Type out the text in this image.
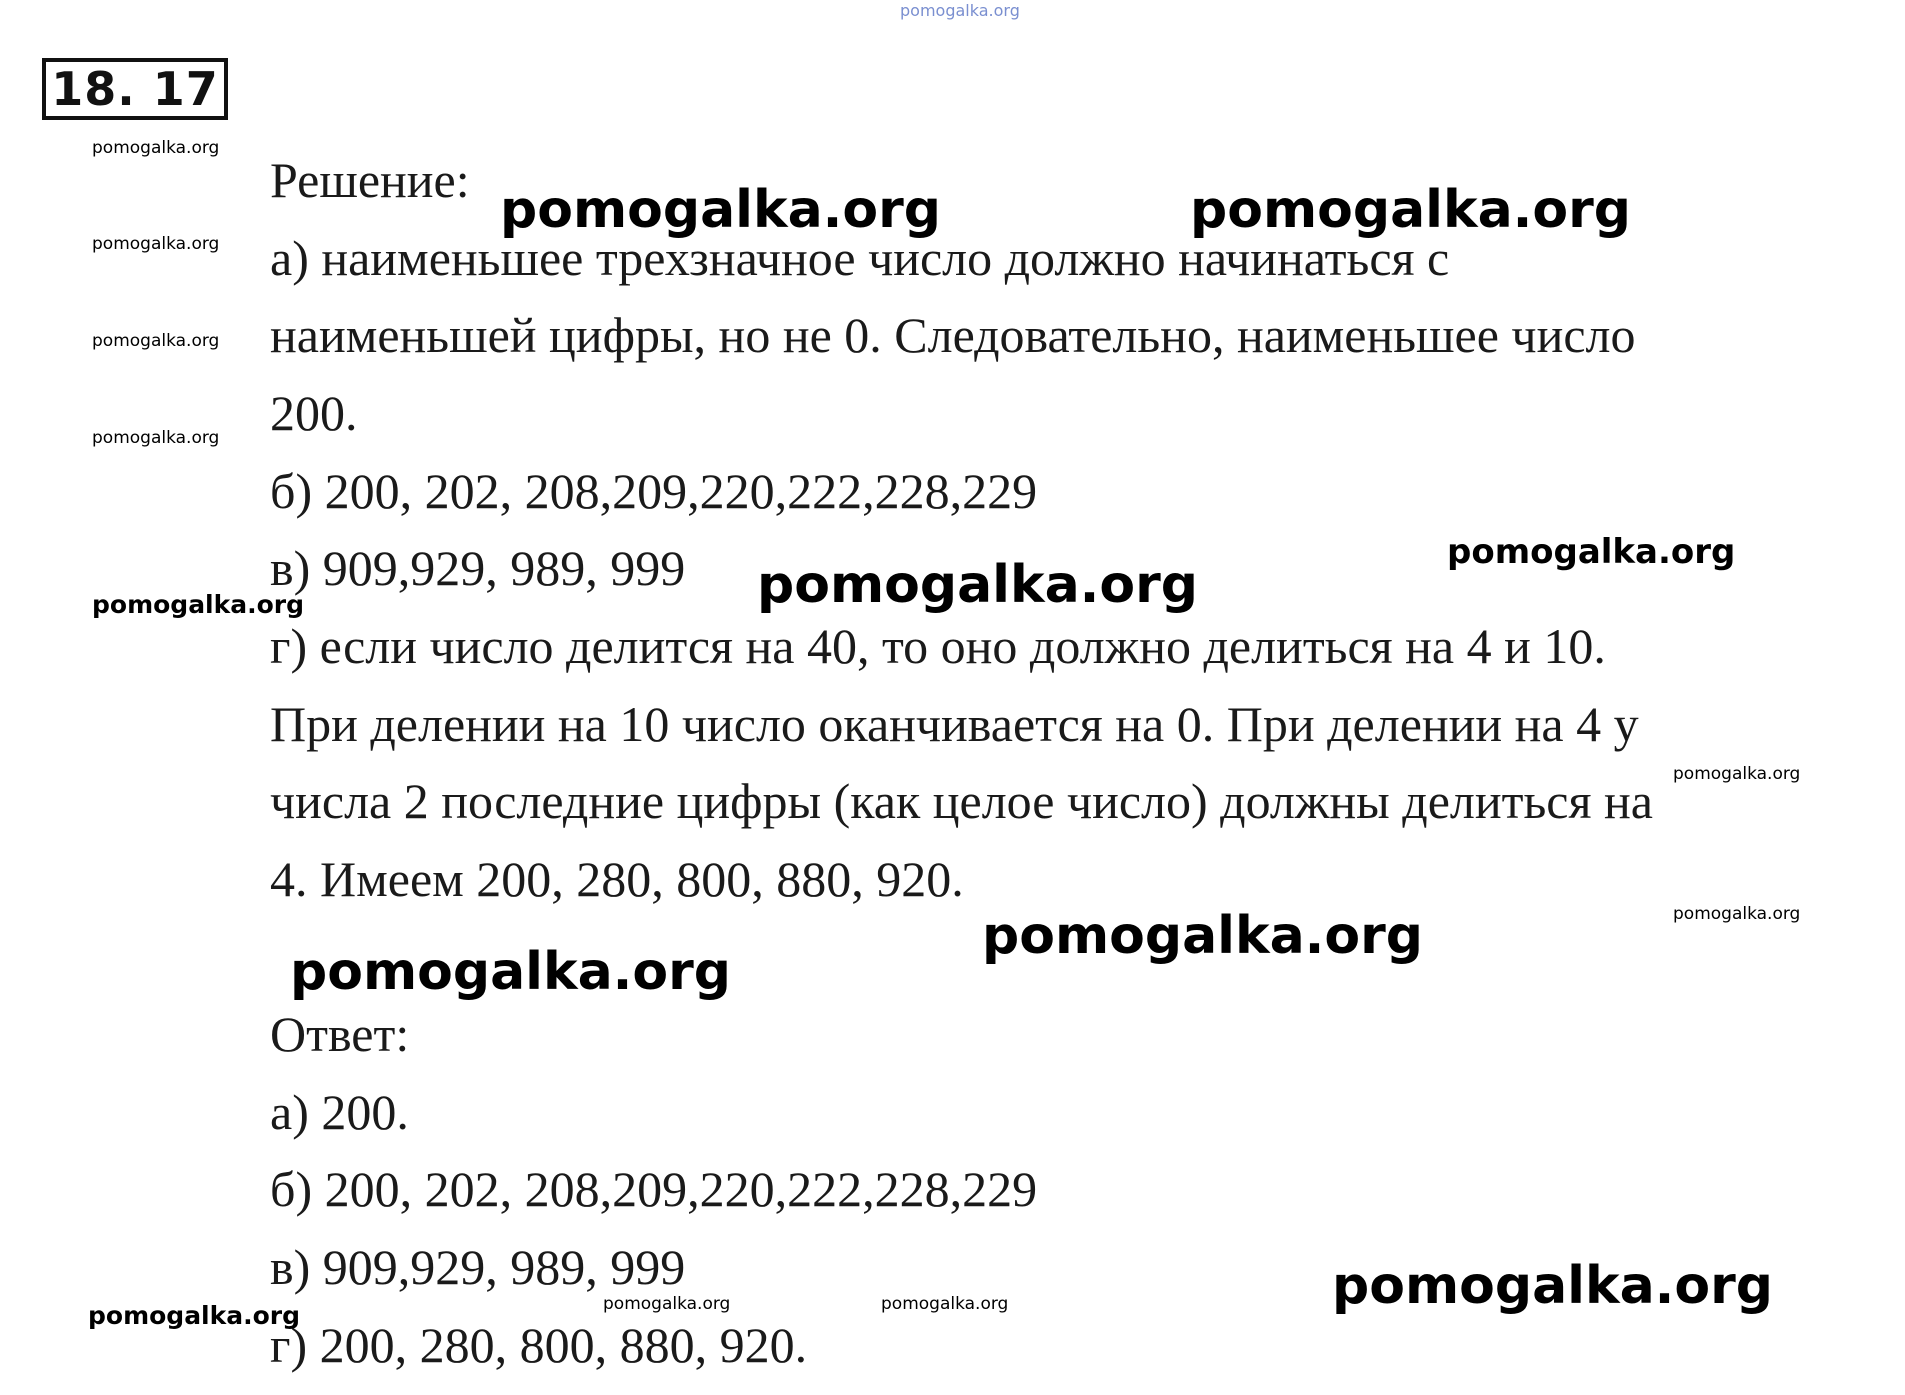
pomogalka.org
18. 17
Решение:
а) наименьшее трехзначное число должно начинаться с
наименьшей цифры, но не 0. Следовательно, наименьшее число
200.
б) 200, 202, 208,209,220,222,228,229
в) 909,929, 989, 999
г) если число делится на 40, то оно должно делиться на 4 и 10.
При делении на 10 число оканчивается на 0. При делении на 4 у
числа 2 последние цифры (как целое число) должны делиться на
4. Имеем 200, 280, 800, 880, 920.
Ответ:
а) 200.
б) 200, 202, 208,209,220,222,228,229
в) 909,929, 989, 999
г) 200, 280, 800, 880, 920.
pomogalka.org
pomogalka.org
pomogalka.org
pomogalka.org
pomogalka.org	pomogalka.org
pomogalka.org
pomogalka.org
pomogalka.org
pomogalka.org
pomogalka.org
pomogalka.org
pomogalka.org
pomogalka.org
pomogalka.org	pomogalka.org	pomogalka.org
